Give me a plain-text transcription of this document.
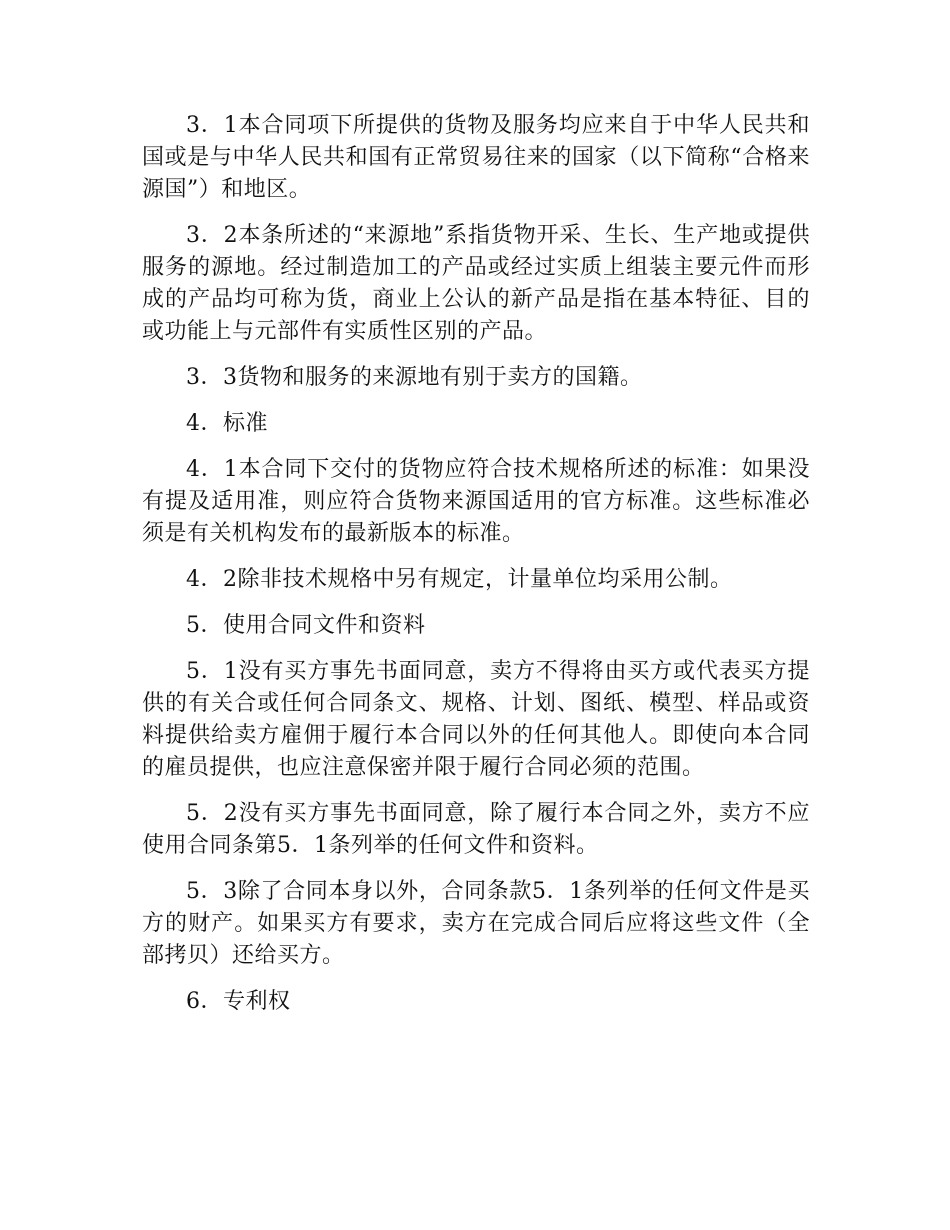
3．1本合同项下所提供的货物及服务均应来自于中华人民共和国或是与中华人民共和国有正常贸易往来的国家（以下简称“合格来源国”）和地区。

3．2本条所述的“来源地”系指货物开采、生长、生产地或提供服务的源地。经过制造加工的产品或经过实质上组装主要元件而形成的产品均可称为货，商业上公认的新产品是指在基本特征、目的或功能上与元部件有实质性区别的产品。

3．3货物和服务的来源地有别于卖方的国籍。

4．标准

4．1本合同下交付的货物应符合技术规格所述的标准：如果没有提及适用准，则应符合货物来源国适用的官方标准。这些标准必须是有关机构发布的最新版本的标准。

4．2除非技术规格中另有规定，计量单位均采用公制。

5．使用合同文件和资料

5．1没有买方事先书面同意，卖方不得将由买方或代表买方提供的有关合或任何合同条文、规格、计划、图纸、模型、样品或资料提供给卖方雇佣于履行本合同以外的任何其他人。即使向本合同的雇员提供，也应注意保密并限于履行合同必须的范围。

5．2没有买方事先书面同意，除了履行本合同之外，卖方不应使用合同条第5．1条列举的任何文件和资料。

5．3除了合同本身以外，合同条款5．1条列举的任何文件是买方的财产。如果买方有要求，卖方在完成合同后应将这些文件（全部拷贝）还给买方。

6．专利权
